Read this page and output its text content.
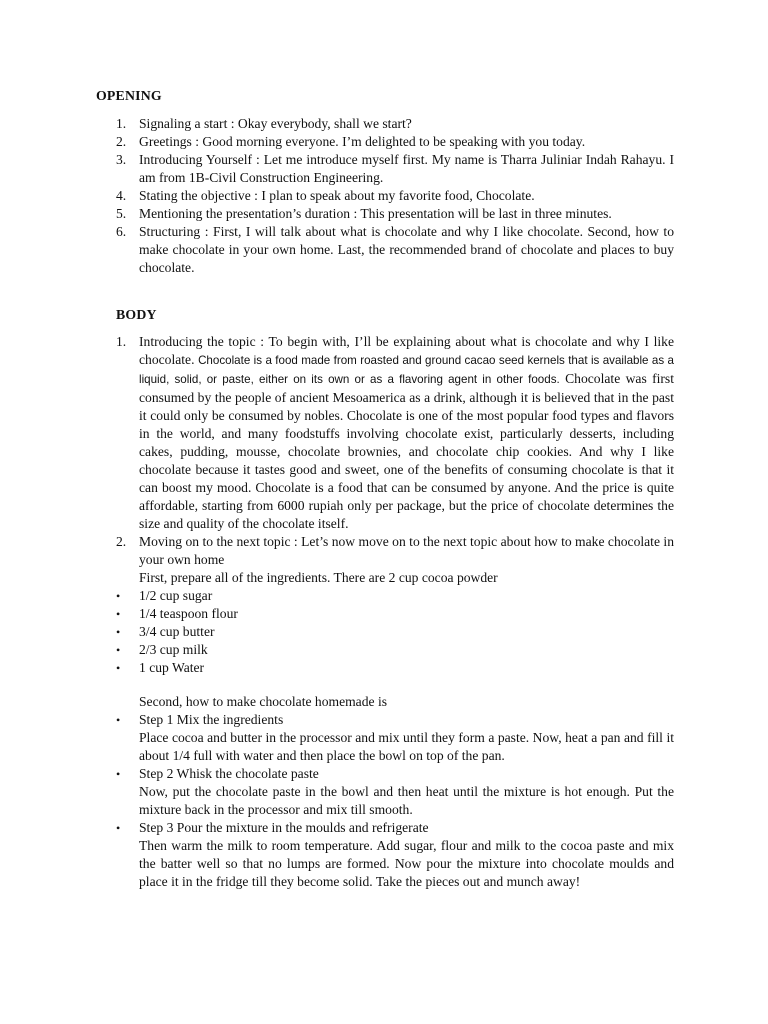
OPENING
1. Signaling a start : Okay everybody, shall we start?
2. Greetings : Good morning everyone. I’m delighted to be speaking with you today.
3. Introducing Yourself : Let me introduce myself first. My name is Tharra Juliniar Indah Rahayu. I am from 1B-Civil Construction Engineering.
4. Stating the objective : I plan to speak about my favorite food, Chocolate.
5. Mentioning the presentation’s duration : This presentation will be last in three minutes.
6. Structuring : First, I will talk about what is chocolate and why I like chocolate. Second, how to make chocolate in your own home. Last, the recommended brand of chocolate and places to buy chocolate.
BODY
1. Introducing the topic : To begin with, I’ll be explaining about what is chocolate and why I like chocolate. Chocolate is a food made from roasted and ground cacao seed kernels that is available as a liquid, solid, or paste, either on its own or as a flavoring agent in other foods. Chocolate was first consumed by the people of ancient Mesoamerica as a drink, although it is believed that in the past it could only be consumed by nobles. Chocolate is one of the most popular food types and flavors in the world, and many foodstuffs involving chocolate exist, particularly desserts, including cakes, pudding, mousse, chocolate brownies, and chocolate chip cookies. And why I like chocolate because it tastes good and sweet, one of the benefits of consuming chocolate is that it can boost my mood. Chocolate is a food that can be consumed by anyone. And the price is quite affordable, starting from 6000 rupiah only per package, but the price of chocolate determines the size and quality of the chocolate itself.
2. Moving on to the next topic : Let’s now move on to the next topic about how to make chocolate in your own home
First, prepare all of the ingredients. There are 2 cup cocoa powder
• 1/2 cup sugar
• 1/4 teaspoon flour
• 3/4 cup butter
• 2/3 cup milk
• 1 cup Water
Second, how to make chocolate homemade is
• Step 1 Mix the ingredients
Place cocoa and butter in the processor and mix until they form a paste. Now, heat a pan and fill it about 1/4 full with water and then place the bowl on top of the pan.
• Step 2 Whisk the chocolate paste
Now, put the chocolate paste in the bowl and then heat until the mixture is hot enough. Put the mixture back in the processor and mix till smooth.
• Step 3 Pour the mixture in the moulds and refrigerate
Then warm the milk to room temperature. Add sugar, flour and milk to the cocoa paste and mix the batter well so that no lumps are formed. Now pour the mixture into chocolate moulds and place it in the fridge till they become solid. Take the pieces out and munch away!
